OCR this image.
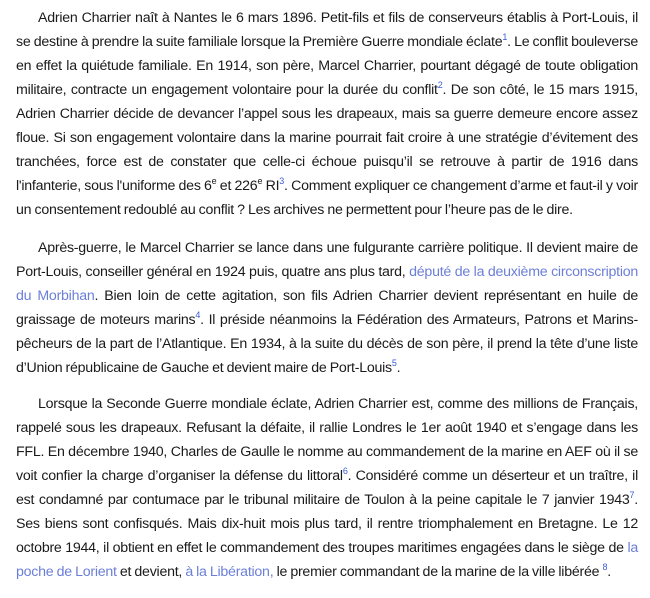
Adrien Charrier naît à Nantes le 6 mars 1896. Petit-fils et fils de conserveurs établis à Port-Louis, il se destine à prendre la suite familiale lorsque la Première Guerre mondiale éclate$^1$. Le conflit bouleverse en effet la quiétude familiale. En 1914, son père, Marcel Charrier, pourtant dégagé de toute obligation militaire, contracte un engagement volontaire pour la durée du conflit$^2$. De son côté, le 15 mars 1915, Adrien Charrier décide de devancer l’appel sous les drapeaux, mais sa guerre demeure encore assez floue. Si son engagement volontaire dans la marine pourrait fait croire à une stratégie d’évitement des tranchées, force est de constater que celle-ci échoue puisqu’il se retrouve à partir de 1916 dans l'infanterie, sous l'uniforme des 6e et 226e RI$^3$. Comment expliquer ce changement d’arme et faut-il y voir un consentement redoublé au conflit ? Les archives ne permettent pour l’heure pas de le dire.

Après-guerre, le Marcel Charrier se lance dans une fulgurante carrière politique. Il devient maire de Port-Louis, conseiller général en 1924 puis, quatre ans plus tard, député de la deuxième circonscription du Morbihan. Bien loin de cette agitation, son fils Adrien Charrier devient représentant en huile de graissage de moteurs marins$^4$. Il préside néanmoins la Fédération des Armateurs, Patrons et Marins-pêcheurs de la part de l’Atlantique. En 1934, à la suite du décès de son père, il prend la tête d’une liste d’Union républicaine de Gauche et devient maire de Port-Louis$^5$.

Lorsque la Seconde Guerre mondiale éclate, Adrien Charrier est, comme des millions de Français, rappelé sous les drapeaux. Refusant la défaite, il rallie Londres le 1er août 1940 et s’engage dans les FFL. En décembre 1940, Charles de Gaulle le nomme au commandement de la marine en AEF où il se voit confier la charge d’organiser la défense du littoral$^6$. Considéré comme un déserteur et un traître, il est condamné par contumace par le tribunal militaire de Toulon à la peine capitale le 7 janvier 1943$^7$. Ses biens sont confisqués. Mais dix-huit mois plus tard, il rentre triomphalement en Bretagne. Le 12 octobre 1944, il obtient en effet le commandement des troupes maritimes engagées dans le siège de la poche de Lorient et devient, à la Libération, le premier commandant de la marine de la ville libérée $^8$.
